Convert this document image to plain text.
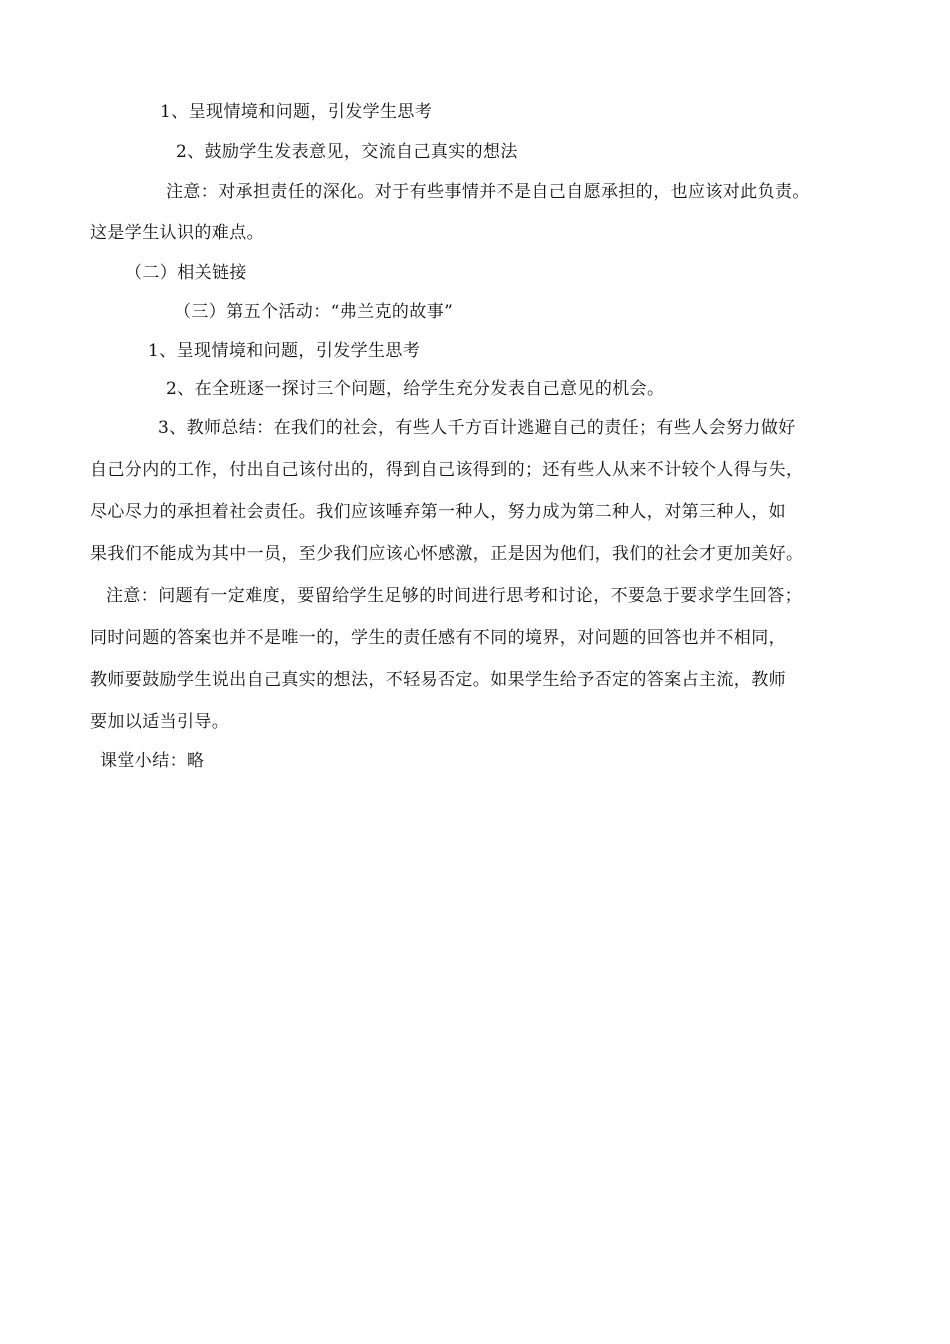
1、呈现情境和问题，引发学生思考
2、鼓励学生发表意见，交流自己真实的想法
注意：对承担责任的深化。对于有些事情并不是自己自愿承担的，也应该对此负责。
这是学生认识的难点。
（二）相关链接
（三）第五个活动：“弗兰克的故事”
1、呈现情境和问题，引发学生思考
2、在全班逐一探讨三个问题，给学生充分发表自己意见的机会。
3、教师总结：在我们的社会，有些人千方百计逃避自己的责任；有些人会努力做好
自己分内的工作，付出自己该付出的，得到自己该得到的；还有些人从来不计较个人得与失，
尽心尽力的承担着社会责任。我们应该唾弃第一种人，努力成为第二种人，对第三种人，如
果我们不能成为其中一员，至少我们应该心怀感激，正是因为他们，我们的社会才更加美好。
注意：问题有一定难度，要留给学生足够的时间进行思考和讨论，不要急于要求学生回答；
同时问题的答案也并不是唯一的，学生的责任感有不同的境界，对问题的回答也并不相同，
教师要鼓励学生说出自己真实的想法，不轻易否定。如果学生给予否定的答案占主流，教师
要加以适当引导。
课堂小结：略
